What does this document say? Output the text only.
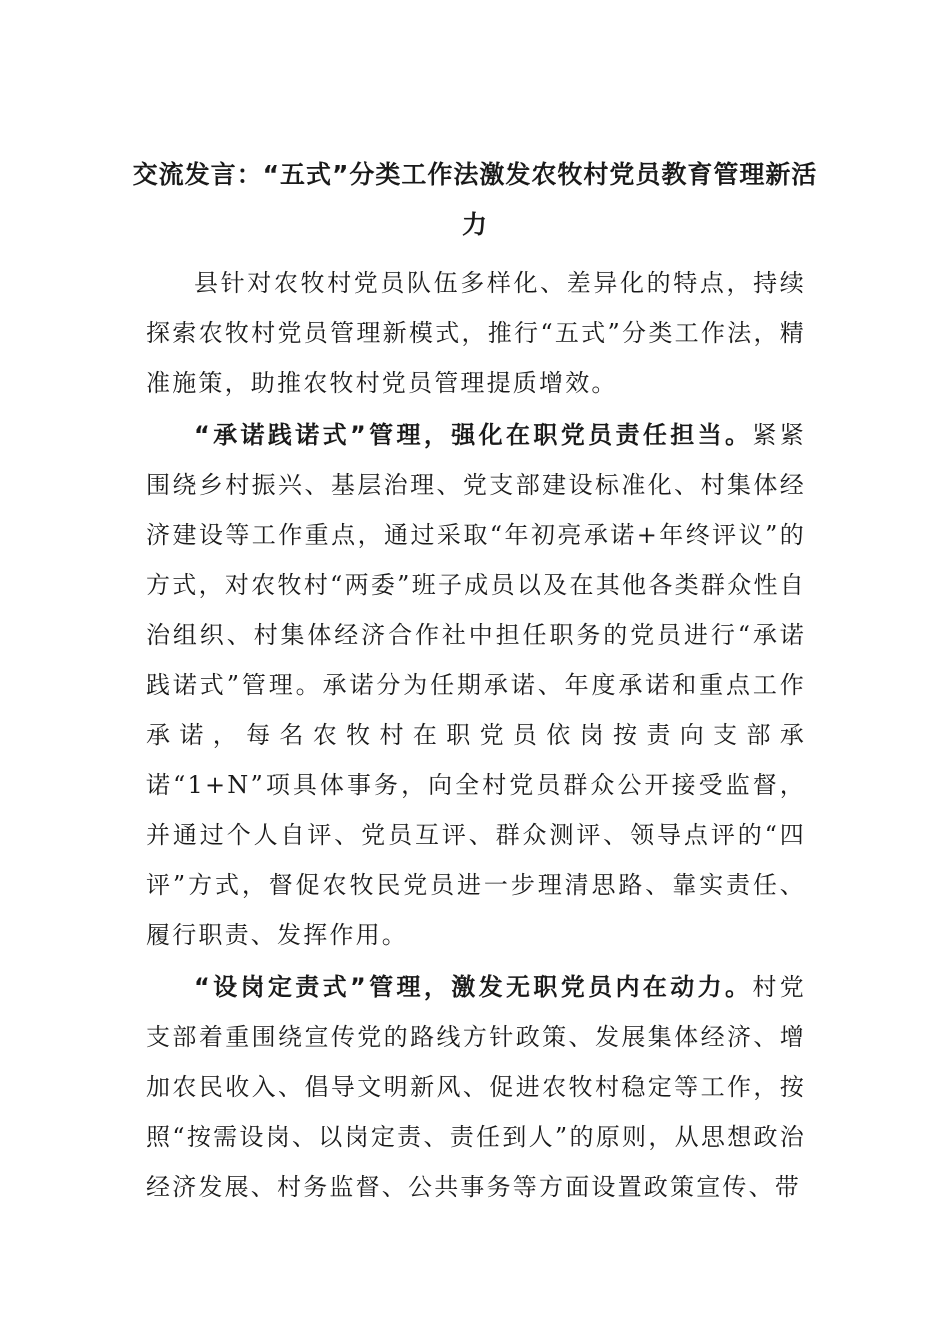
交流发言：“五式”分类工作法激发农牧村党员教育管理新活力

县针对农牧村党员队伍多样化、差异化的特点，持续探索农牧村党员管理新模式，推行“五式”分类工作法，精准施策，助推农牧村党员管理提质增效。

“承诺践诺式”管理，强化在职党员责任担当。紧紧围绕乡村振兴、基层治理、党支部建设标准化、村集体经济建设等工作重点，通过采取“年初亮承诺+年终评议”的方式，对农牧村“两委”班子成员以及在其他各类群众性自治组织、村集体经济合作社中担任职务的党员进行“承诺践诺式”管理。承诺分为任期承诺、年度承诺和重点工作承诺，每名农牧村在职党员依岗按责向支部承诺“1+N”项具体事务，向全村党员群众公开接受监督，并通过个人自评、党员互评、群众测评、领导点评的“四评”方式，督促农牧民党员进一步理清思路、靠实责任、履行职责、发挥作用。

“设岗定责式”管理，激发无职党员内在动力。村党支部着重围绕宣传党的路线方针政策、发展集体经济、增加农民收入、倡导文明新风、促进农牧村稳定等工作，按照“按需设岗、以岗定责、责任到人”的原则，从思想政治经济发展、村务监督、公共事务等方面设置政策宣传、带
